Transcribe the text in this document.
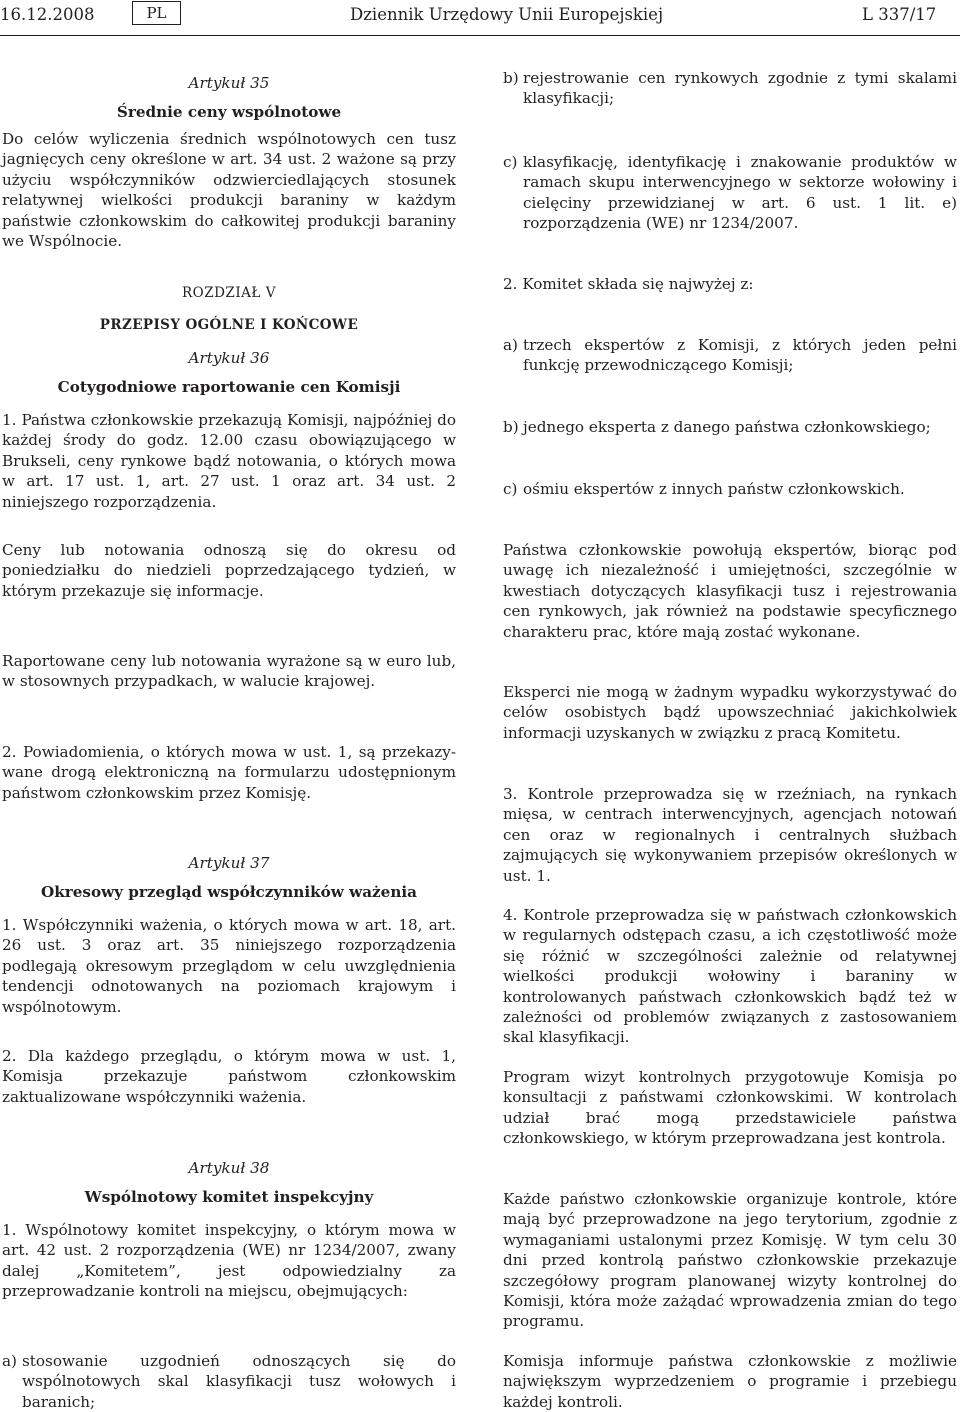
16.12.2008	PL	Dziennik Urzędowy Unii Europejskiej	L 337/17

Artykuł 35

Średnie ceny wspólnotowe

Do celów wyliczenia średnich wspólnotowych cen tusz jagnięcych ceny określone w art. 34 ust. 2 ważone są przy użyciu współczynników odzwierciedlających stosunek relatywnej wielkości produkcji baraniny w każdym państwie członkowskim do całkowitej produkcji baraniny we Wspólnocie.

ROZDZIAŁ V

PRZEPISY OGÓLNE I KOŃCOWE

Artykuł 36

Cotygodniowe raportowanie cen Komisji

1. Państwa członkowskie przekazują Komisji, najpóźniej do każdej środy do godz. 12.00 czasu obowiązującego w Brukseli, ceny rynkowe bądź notowania, o których mowa w art. 17 ust. 1, art. 27 ust. 1 oraz art. 34 ust. 2 niniejszego rozporządzenia.

Ceny lub notowania odnoszą się do okresu od poniedziałku do niedzieli poprzedzającego tydzień, w którym przekazuje się informacje.

Raportowane ceny lub notowania wyrażone są w euro lub, w stosownych przypadkach, w walucie krajowej.

2. Powiadomienia, o których mowa w ust. 1, są przekazywane drogą elektroniczną na formularzu udostępnionym państwom członkowskim przez Komisję.

Artykuł 37

Okresowy przegląd współczynników ważenia

1. Współczynniki ważenia, o których mowa w art. 18, art. 26 ust. 3 oraz art. 35 niniejszego rozporządzenia podlegają okresowym przeglądom w celu uwzględnienia tendencji odnotowanych na poziomach krajowym i wspólnotowym.

2. Dla każdego przeglądu, o którym mowa w ust. 1, Komisja przekazuje państwom członkowskim zaktualizowane współczynniki ważenia.

Artykuł 38

Wspólnotowy komitet inspekcyjny

1. Wspólnotowy komitet inspekcyjny, o którym mowa w art. 42 ust. 2 rozporządzenia (WE) nr 1234/2007, zwany dalej „Komitetem”, jest odpowiedzialny za przeprowadzanie kontroli na miejscu, obejmujących:

a) stosowanie uzgodnień odnoszących się do wspólnotowych skal klasyfikacji tusz wołowych i baranich;
b) rejestrowanie cen rynkowych zgodnie z tymi skalami klasyfikacji;
c) klasyfikację, identyfikację i znakowanie produktów w ramach skupu interwencyjnego w sektorze wołowiny i cielęciny przewidzianej w art. 6 ust. 1 lit. e) rozporządzenia (WE) nr 1234/2007.

2. Komitet składa się najwyżej z:

a) trzech ekspertów z Komisji, z których jeden pełni funkcję przewodniczącego Komisji;
b) jednego eksperta z danego państwa członkowskiego;
c) ośmiu ekspertów z innych państw członkowskich.

Państwa członkowskie powołują ekspertów, biorąc pod uwagę ich niezależność i umiejętności, szczególnie w kwestiach dotyczących klasyfikacji tusz i rejestrowania cen rynkowych, jak również na podstawie specyficznego charakteru prac, które mają zostać wykonane.

Eksperci nie mogą w żadnym wypadku wykorzystywać do celów osobistych bądź upowszechniać jakichkolwiek informacji uzyskanych w związku z pracą Komitetu.

3. Kontrole przeprowadza się w rzeźniach, na rynkach mięsa, w centrach interwencyjnych, agencjach notowań cen oraz w regionalnych i centralnych służbach zajmujących się wykonywaniem przepisów określonych w ust. 1.

4. Kontrole przeprowadza się w państwach członkowskich w regularnych odstępach czasu, a ich częstotliwość może się różnić w szczególności zależnie od relatywnej wielkości produkcji wołowiny i baraniny w kontrolowanych państwach członkowskich bądź też w zależności od problemów związanych z zastosowaniem skal klasyfikacji.

Program wizyt kontrolnych przygotowuje Komisja po konsultacji z państwami członkowskimi. W kontrolach udział brać mogą przedstawiciele państwa członkowskiego, w którym przeprowadzana jest kontrola.

Każde państwo członkowskie organizuje kontrole, które mają być przeprowadzone na jego terytorium, zgodnie z wymaganiami ustalonymi przez Komisję. W tym celu 30 dni przed kontrolą państwo członkowskie przekazuje szczegółowy program planowanej wizyty kontrolnej do Komisji, która może zażądać wprowadzenia zmian do tego programu.

Komisja informuje państwa członkowskie z możliwie największym wyprzedzeniem o programie i przebiegu każdej kontroli.
